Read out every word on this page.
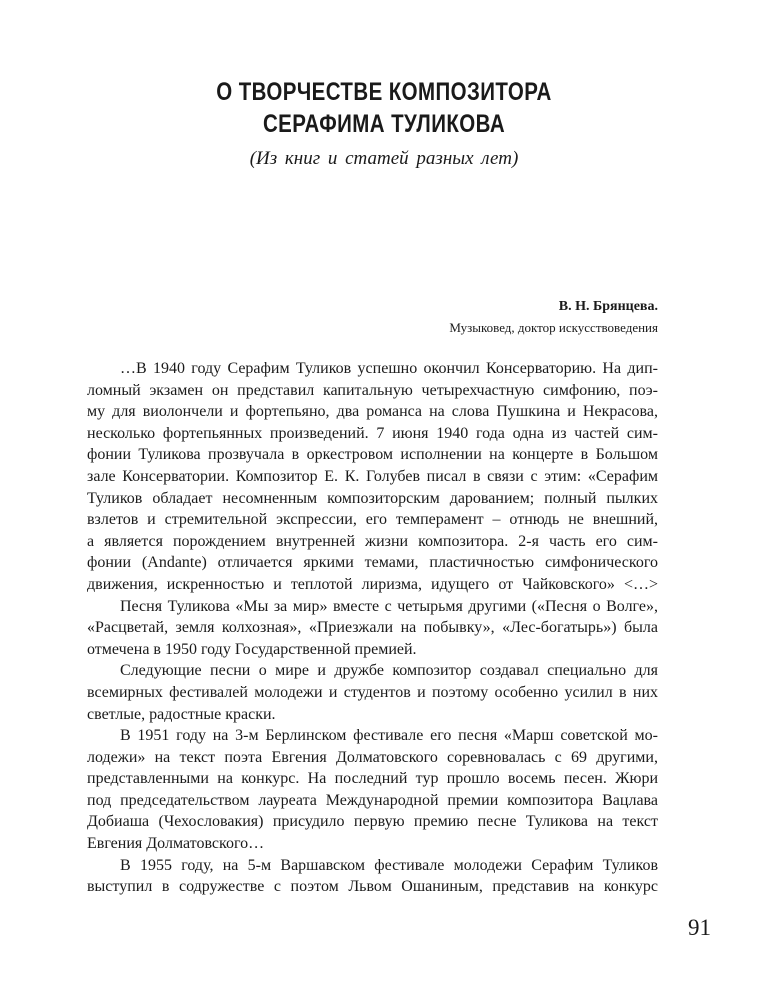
О ТВОРЧЕСТВЕ КОМПОЗИТОРА
СЕРАФИМА ТУЛИКОВА
(Из книг и статей разных лет)
В. Н. Брянцева.
Музыковед, доктор искусствоведения
…В 1940 году Серафим Туликов успешно окончил Консерваторию. На дип-
ломный экзамен он представил капитальную четырехчастную симфонию, поэ-
му для виолончели и фортепьяно, два романса на слова Пушкина и Некрасова,
несколько фортепьянных произведений. 7 июня 1940 года одна из частей сим-
фонии Туликова прозвучала в оркестровом исполнении на концерте в Большом
зале Консерватории. Композитор Е. К. Голубев писал в связи с этим: «Серафим
Туликов обладает несомненным композиторским дарованием; полный пылких
взлетов и стремительной экспрессии, его темперамент – отнюдь не внешний,
а является порождением внутренней жизни композитора. 2-я часть его сим-
фонии (Andante) отличается яркими темами, пластичностью симфонического
движения, искренностью и теплотой лиризма, идущего от Чайковского» <…>
Песня Туликова «Мы за мир» вместе с четырьмя другими («Песня о Волге»,
«Расцветай, земля колхозная», «Приезжали на побывку», «Лес-богатырь») была
отмечена в 1950 году Государственной премией.
Следующие песни о мире и дружбе композитор создавал специально для
всемирных фестивалей молодежи и студентов и поэтому особенно усилил в них
светлые, радостные краски.
В 1951 году на 3-м Берлинском фестивале его песня «Марш советской мо-
лодежи» на текст поэта Евгения Долматовского соревновалась с 69 другими,
представленными на конкурс. На последний тур прошло восемь песен. Жюри
под председательством лауреата Международной премии композитора Вацлава
Добиаша (Чехословакия) присудило первую премию песне Туликова на текст
Евгения Долматовского…
В 1955 году, на 5-м Варшавском фестивале молодежи Серафим Туликов
выступил в содружестве с поэтом Львом Ошаниным, представив на конкурс
91
